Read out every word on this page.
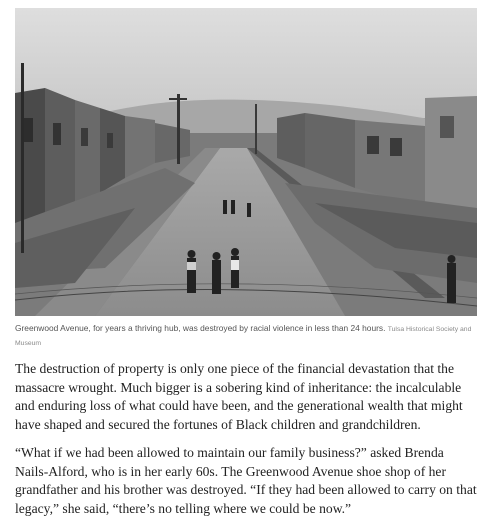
Greenwood Avenue, for years a thriving hub, was destroyed by racial violence in less than 24 hours. Tulsa Historical Society and Museum

The destruction of property is only one piece of the financial devastation that the massacre wrought. Much bigger is a sobering kind of inheritance: the incalculable and enduring loss of what could have been, and the generational wealth that might have shaped and secured the fortunes of Black children and grandchildren.

“What if we had been allowed to maintain our family business?” asked Brenda Nails-Alford, who is in her early 60s. The Greenwood Avenue shoe shop of her grandfather and his brother was destroyed. “If they had been allowed to carry on that legacy,” she said, “there’s no telling where we could be now.”
